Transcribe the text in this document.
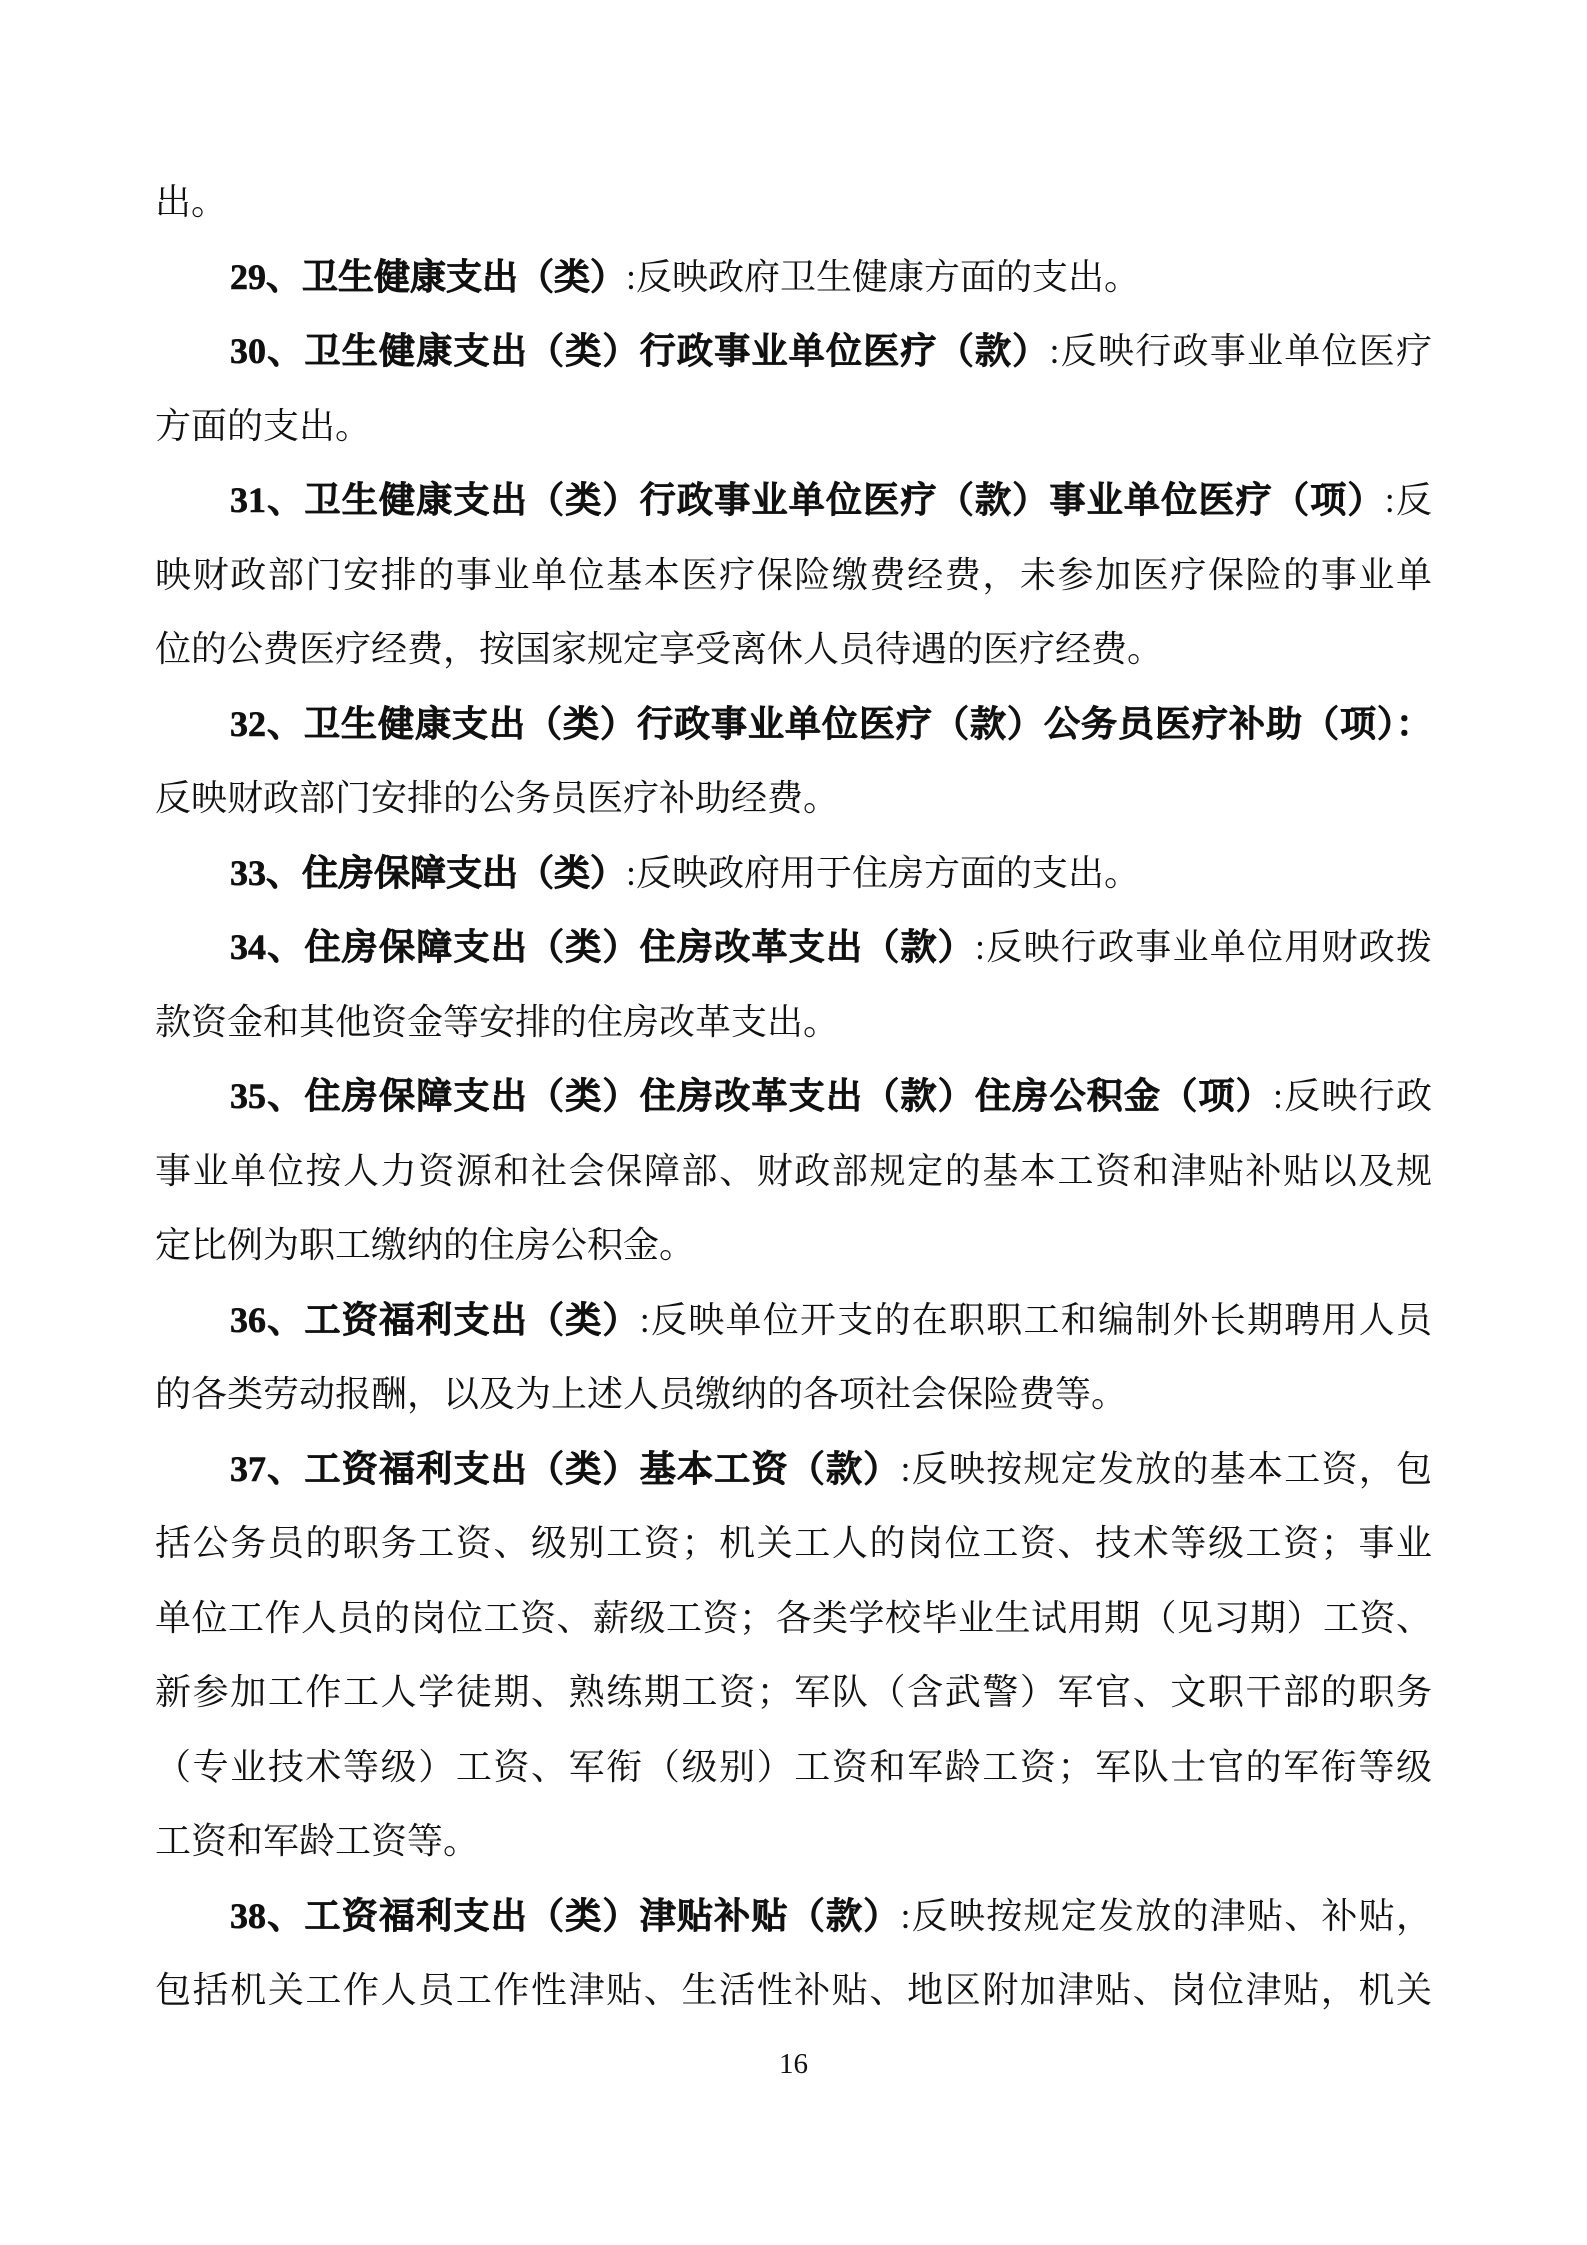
出。
29、卫生健康支出（类）:反映政府卫生健康方面的支出。
30、卫生健康支出（类）行政事业单位医疗（款）:反映行政事业单位医疗
方面的支出。
31、卫生健康支出（类）行政事业单位医疗（款）事业单位医疗（项）:反
映财政部门安排的事业单位基本医疗保险缴费经费，未参加医疗保险的事业单
位的公费医疗经费，按国家规定享受离休人员待遇的医疗经费。
32、卫生健康支出（类）行政事业单位医疗（款）公务员医疗补助（项）：
反映财政部门安排的公务员医疗补助经费。
33、住房保障支出（类）:反映政府用于住房方面的支出。
34、住房保障支出（类）住房改革支出（款）:反映行政事业单位用财政拨
款资金和其他资金等安排的住房改革支出。
35、住房保障支出（类）住房改革支出（款）住房公积金（项）:反映行政
事业单位按人力资源和社会保障部、财政部规定的基本工资和津贴补贴以及规
定比例为职工缴纳的住房公积金。
36、工资福利支出（类）:反映单位开支的在职职工和编制外长期聘用人员
的各类劳动报酬，以及为上述人员缴纳的各项社会保险费等。
37、工资福利支出（类）基本工资（款）:反映按规定发放的基本工资，包
括公务员的职务工资、级别工资；机关工人的岗位工资、技术等级工资；事业
单位工作人员的岗位工资、薪级工资；各类学校毕业生试用期（见习期）工资、
新参加工作工人学徒期、熟练期工资；军队（含武警）军官、文职干部的职务
（专业技术等级）工资、军衔（级别）工资和军龄工资；军队士官的军衔等级
工资和军龄工资等。
38、工资福利支出（类）津贴补贴（款）:反映按规定发放的津贴、补贴，
包括机关工作人员工作性津贴、生活性补贴、地区附加津贴、岗位津贴，机关
16
